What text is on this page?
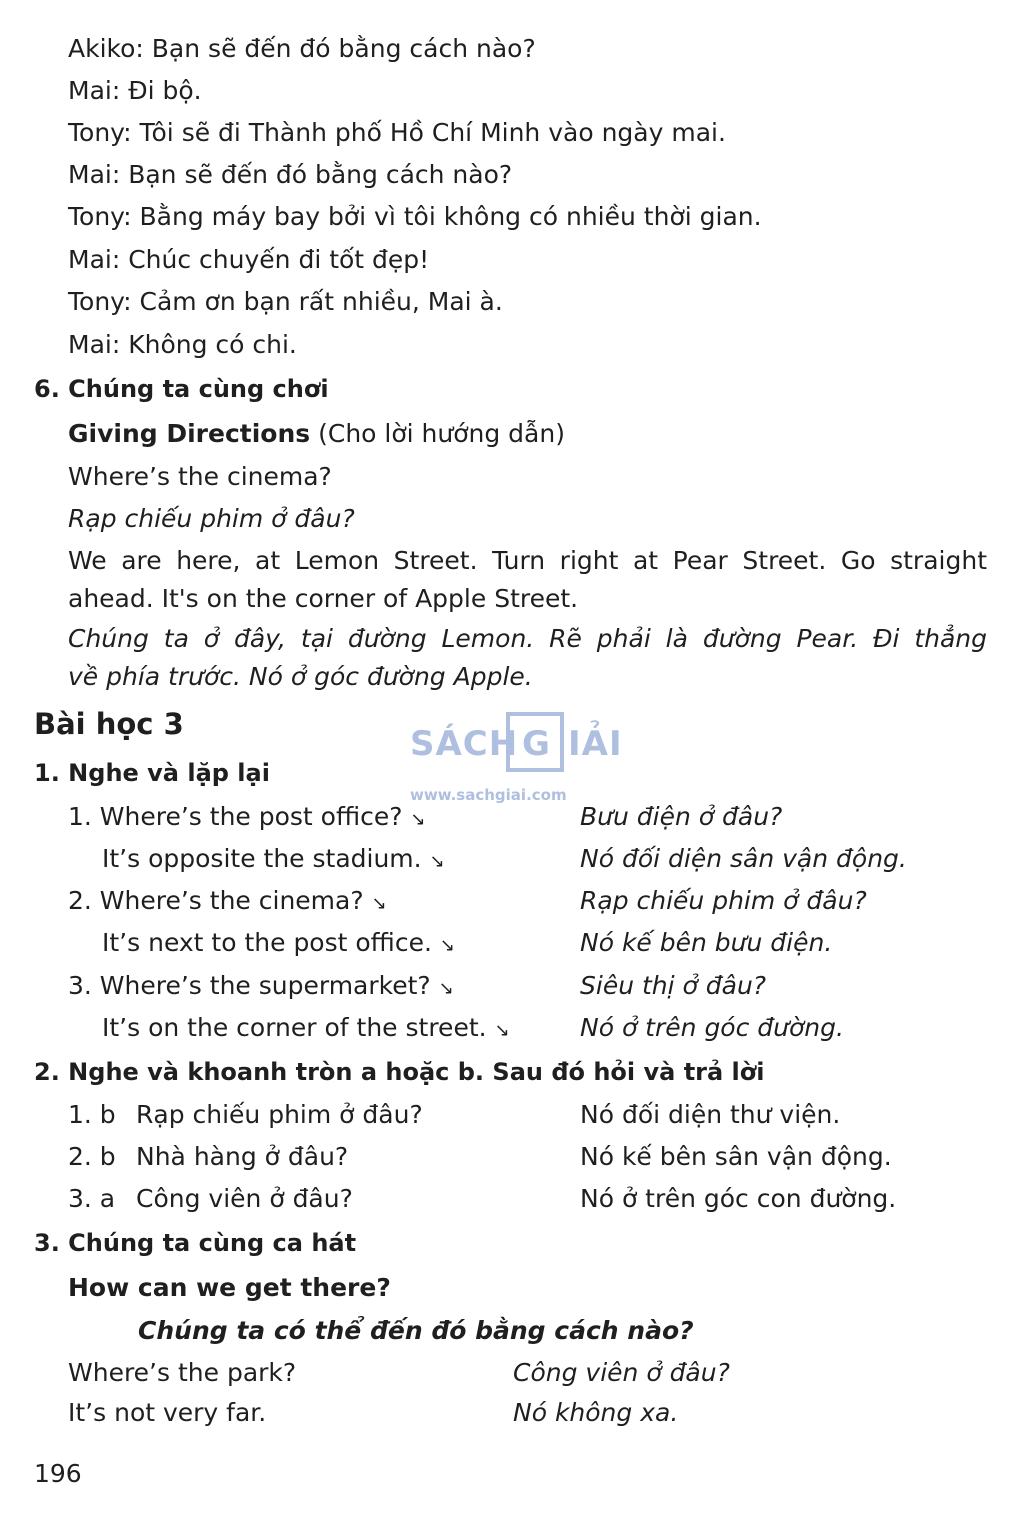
Akiko: Bạn sẽ đến đó bằng cách nào?
Mai: Đi bộ.
Tony: Tôi sẽ đi Thành phố Hồ Chí Minh vào ngày mai.
Mai: Bạn sẽ đến đó bằng cách nào?
Tony: Bằng máy bay bởi vì tôi không có nhiều thời gian.
Mai: Chúc chuyến đi tốt đẹp!
Tony: Cảm ơn bạn rất nhiều, Mai à.
Mai: Không có chi.
6. Chúng ta cùng chơi
Giving Directions (Cho lời hướng dẫn)
Where’s the cinema?
Rạp chiếu phim ở đâu?
We are here, at Lemon Street. Turn right at Pear Street. Go straight
ahead. It's on the corner of Apple Street.
Chúng ta ở đây, tại đường Lemon. Rẽ phải là đường Pear. Đi thẳng
về phía trước. Nó ở góc đường Apple.
SÁCH G IẢI
www.sachgiai.com
Bài học 3
1. Nghe và lặp lại
1. Where’s the post office? ↘	Bưu điện ở đâu?
It’s opposite the stadium. ↘	Nó đối diện sân vận động.
2. Where’s the cinema? ↘	Rạp chiếu phim ở đâu?
It’s next to the post office. ↘	Nó kế bên bưu điện.
3. Where’s the supermarket? ↘	Siêu thị ở đâu?
It’s on the corner of the street. ↘	Nó ở trên góc đường.
2. Nghe và khoanh tròn a hoặc b. Sau đó hỏi và trả lời
1. b Rạp chiếu phim ở đâu?	Nó đối diện thư viện.
2. b Nhà hàng ở đâu?	Nó kế bên sân vận động.
3. a Công viên ở đâu?	Nó ở trên góc con đường.
3. Chúng ta cùng ca hát
How can we get there?
Chúng ta có thể đến đó bằng cách nào?
Where’s the park?	Công viên ở đâu?
It’s not very far.	Nó không xa.
196
